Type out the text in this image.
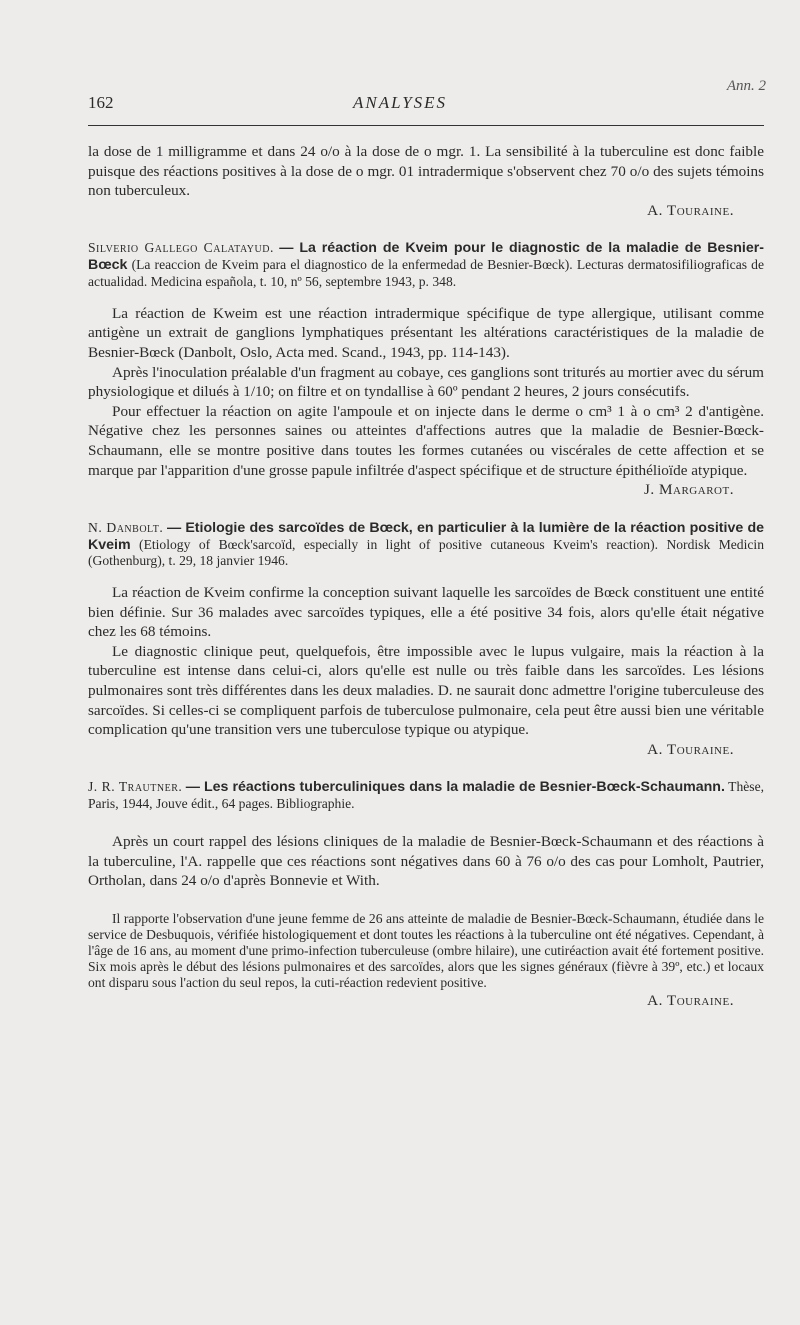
Ann. 2
162	ANALYSES

la dose de 1 milligramme et dans 24 o/o à la dose de o mgr. 1. La sensibilité à la tuberculine est donc faible puisque des réactions positives à la dose de o mgr. 01 intradermique s'observent chez 70 o/o des sujets témoins non tuberculeux.

A. Touraine.

Silverio Gallego Calatayud. — La réaction de Kveim pour le diagnostic de la maladie de Besnier-Bœck (La reaccion de Kveim para el diagnostico de la enfermedad de Besnier-Bœck). Lecturas dermatosifiliograficas de actualidad. Medicina española, t. 10, nº 56, septembre 1943, p. 348.

La réaction de Kweim est une réaction intradermique spécifique de type allergique, utilisant comme antigène un extrait de ganglions lymphatiques présentant les altérations caractéristiques de la maladie de Besnier-Bœck (Danbolt, Oslo, Acta med. Scand., 1943, pp. 114-143).

Après l'inoculation préalable d'un fragment au cobaye, ces ganglions sont triturés au mortier avec du sérum physiologique et dilués à 1/10; on filtre et on tyndallise à 60º pendant 2 heures, 2 jours consécutifs.

Pour effectuer la réaction on agite l'ampoule et on injecte dans le derme o cm³ 1 à o cm³ 2 d'antigène. Négative chez les personnes saines ou atteintes d'affections autres que la maladie de Besnier-Bœck-Schaumann, elle se montre positive dans toutes les formes cutanées ou viscérales de cette affection et se marque par l'apparition d'une grosse papule infiltrée d'aspect spécifique et de structure épithélioïde atypique.

J. Margarot.

N. Danbolt. — Etiologie des sarcoïdes de Bœck, en particulier à la lumière de la réaction positive de Kveim (Etiology of Bœck'sarcoïd, especially in light of positive cutaneous Kveim's reaction). Nordisk Medicin (Gothenburg), t. 29, 18 janvier 1946.

La réaction de Kveim confirme la conception suivant laquelle les sarcoïdes de Bœck constituent une entité bien définie. Sur 36 malades avec sarcoïdes typiques, elle a été positive 34 fois, alors qu'elle était négative chez les 68 témoins.

Le diagnostic clinique peut, quelquefois, être impossible avec le lupus vulgaire, mais la réaction à la tuberculine est intense dans celui-ci, alors qu'elle est nulle ou très faible dans les sarcoïdes. Les lésions pulmonaires sont très différentes dans les deux maladies. D. ne saurait donc admettre l'origine tuberculeuse des sarcoïdes. Si celles-ci se compliquent parfois de tuberculose pulmonaire, cela peut être aussi bien une véritable complication qu'une transition vers une tuberculose typique ou atypique.

A. Touraine.

J. R. Trautner. — Les réactions tuberculiniques dans la maladie de Besnier-Bœck-Schaumann. Thèse, Paris, 1944, Jouve édit., 64 pages. Bibliographie.

Après un court rappel des lésions cliniques de la maladie de Besnier-Bœck-Schaumann et des réactions à la tuberculine, l'A. rappelle que ces réactions sont négatives dans 60 à 76 o/o des cas pour Lomholt, Pautrier, Ortholan, dans 24 o/o d'après Bonnevie et With.

Il rapporte l'observation d'une jeune femme de 26 ans atteinte de maladie de Besnier-Bœck-Schaumann, étudiée dans le service de Desbuquois, vérifiée histologiquement et dont toutes les réactions à la tuberculine ont été négatives. Cependant, à l'âge de 16 ans, au moment d'une primo-infection tuberculeuse (ombre hilaire), une cutiréaction avait été fortement positive. Six mois après le début des lésions pulmonaires et des sarcoïdes, alors que les signes généraux (fièvre à 39º, etc.) et locaux ont disparu sous l'action du seul repos, la cuti-réaction redevient positive.

A. Touraine.
